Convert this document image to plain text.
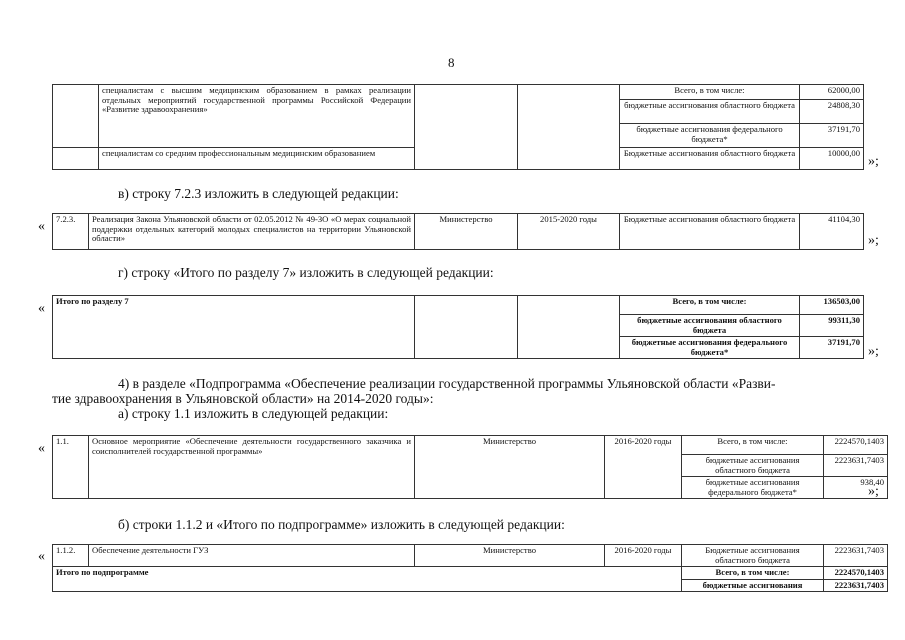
8
	специалистам с высшим медицинским образованием в рамках реализации отдельных мероприятий государственной программы Российской Федерации «Развитие здравоохранения»			Всего, в том числе:	62000,00
				бюджетные ассигнования областного бюджета	24808,30
				бюджетные ассигнования федерального бюджета*	37191,70
	специалистам со средним профессиональным медицинским образованием			Бюджетные ассигнования областного бюджета	10000,00
»;
в) строку 7.2.3 изложить в следующей редакции:
« 7.2.3.	Реализация Закона Ульяновской области от 02.05.2012 № 49-ЗО «О мерах социальной поддержки отдельных категорий молодых специалистов на территории Ульяновской области»	Министерство	2015-2020 годы	Бюджетные ассигнования областного бюджета	41104,30
»;
г) строку «Итого по разделу 7» изложить в следующей редакции:
« Итого по разделу 7			Всего, в том числе:	136503,00
			бюджетные ассигнования областного бюджета	99311,30
			бюджетные ассигнования федерального бюджета*	37191,70
»;
4) в разделе «Подпрограмма «Обеспечение реализации государственной программы Ульяновской области «Разви-
тие здравоохранения в Ульяновской области» на 2014-2020 годы»:
а) строку 1.1 изложить в следующей редакции:
« 1.1.	Основное мероприятие «Обеспечение деятельности государственного заказчика и соисполнителей государственной программы»	Министерство	2016-2020 годы	Всего, в том числе:	2224570,1403
				бюджетные ассигнования областного бюджета	2223631,7403
				бюджетные ассигнования федерального бюджета*	938,40
»;
б) строки 1.1.2 и «Итого по подпрограмме» изложить в следующей редакции:
« 1.1.2.	Обеспечение деятельности ГУЗ	Министерство	2016-2020 годы	Бюджетные ассигнования областного бюджета	2223631,7403
Итого по подпрограмме				Всего, в том числе:	2224570,1403
				бюджетные ассигнования	2223631,7403
